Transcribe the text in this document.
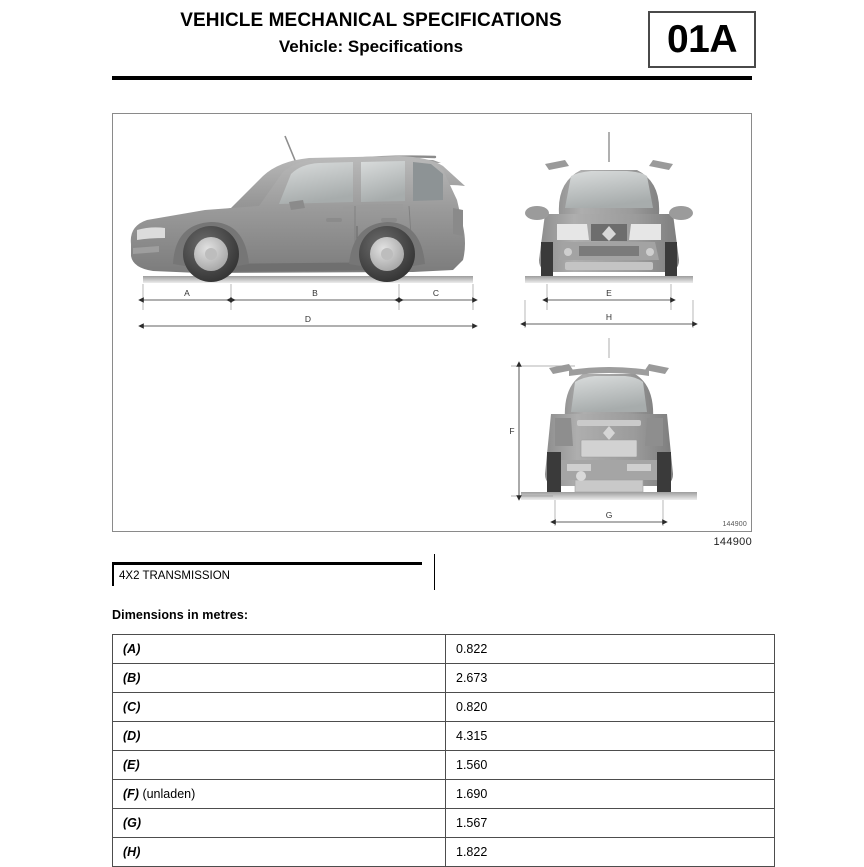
VEHICLE MECHANICAL SPECIFICATIONS
Vehicle: Specifications	01A
A	B	C
D
E
H
F
G
144900
144900
4X2 TRANSMISSION
Dimensions in metres:
(A)	0.822
(B)	2.673
(C)	0.820
(D)	4.315
(E)	1.560
(F) (unladen)	1.690
(G)	1.567
(H)	1.822
